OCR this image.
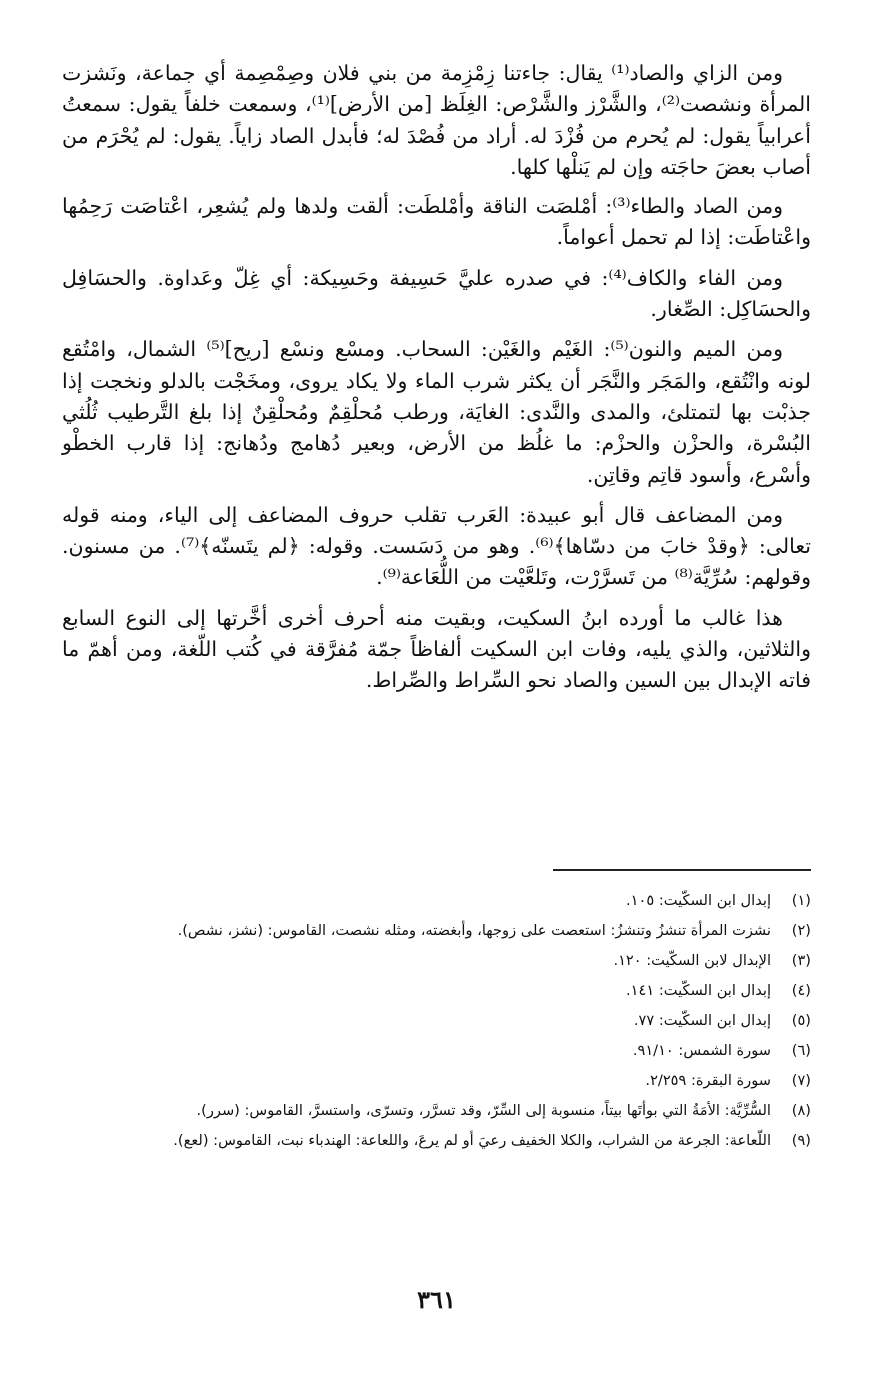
ومن الزاي والصاد⁽¹⁾ يقال: جاءتنا زِمْزِمة من بني فلان وصِمْصِمة أي جماعة، ونَشزت المرأة ونشصت⁽²⁾، والشَّرْز والشَّرْص: الغِلَظ [من الأرض]⁽¹⁾، وسمعت خلفاً يقول: سمعتُ أعرابياً يقول: لم يُحرم من فُزْدَ له. أراد من فُصْدَ له؛ فأبدل الصاد زاياً. يقول: لم يُحْرَم من أصاب بعضَ حاجَته وإن لم يَنلْها كلها.

ومن الصاد والطاء⁽³⁾: أمْلصَت الناقة وأمْلطَت: ألقت ولدها ولم يُشعِر، اعْتاصَت رَحِمُها واعْتاطَت: إذا لم تحمل أعواماً.

ومن الفاء والكاف⁽⁴⁾: في صدره عليَّ حَسِيفة وحَسِيكة: أي غِلّ وعَداوة. والحسَافِل والحسَاكِل: الصِّغار.

ومن الميم والنون⁽⁵⁾: الغَيْم والغَيْن: السحاب. ومسْع ونسْع [ريح]⁽⁵⁾ الشمال، وامْتُقع لونه وانْتُقع، والمَجَر والنَّجَر أن يكثر شرب الماء ولا يكاد يروى، ومخَجْت بالدلو ونخجت إذا جذبْت بها لتمتلئ، والمدى والنَّدى: الغايَة، ورطب مُحلْقِمٌ ومُحلْقِنٌ إذا بلغ التَّرطيب ثُلُثي البُسْرة، والحزْن والحزْم: ما غلُظ من الأرض، وبعير دُهامج ودُهانج: إذا قارب الخطْو وأسْرع، وأسود قاتِم وقاتِن.

ومن المضاعف قال أبو عبيدة: العَرب تقلب حروف المضاعف إلى الياء، ومنه قوله تعالى: ﴿وقدْ خابَ من دسّاها﴾⁽⁶⁾. وهو من دَسَست. وقوله: ﴿لم يتَسنّه﴾⁽⁷⁾. من مسنون. وقولهم: سُرِّيَّة⁽⁸⁾ من تَسرَّرْت، وتَلعَّيْت من اللُّعَاعة⁽⁹⁾.

هذا غالب ما أورده ابنُ السكيت، وبقيت منه أحرف أخرى أخَّرتها إلى النوع السابع والثلاثين، والذي يليه، وفات ابن السكيت ألفاظاً جمّة مُفرَّقة في كُتب اللّغة، ومن أهمّ ما فاته الإبدال بين السين والصاد نحو السِّراط والصِّراط.

(١)
إبدال ابن السكّيت: ١٠٥.
(٢)
نشزت المرأة تنشزُ وتنشزُ: استعصت على زوجها، وأبغضته، ومثله نشصت، القاموس: (نشز، نشص).
(٣)
الإبدال لابن السكّيت: ١٢٠.
(٤)
إبدال ابن السكّيت: ١٤١.
(٥)
إبدال ابن السكّيت: ٧٧.
(٦)
سورة الشمس: ٩١/١٠.
(٧)
سورة البقرة: ٢/٢٥٩.
(٨)
السُّرِّيَّة: الأمَةُ التي بوأتَها بيتاً، منسوبة إلى السِّرّ، وقد تسرَّر، وتسرّى، واستسرَّ، القاموس: (سرر).
(٩)
اللّعاعة: الجرعة من الشراب، والكلا الخفيف رعيَ أو لم يرعَ، واللعاعة: الهندباء نبت، القاموس: (لعع).
٣٦١
